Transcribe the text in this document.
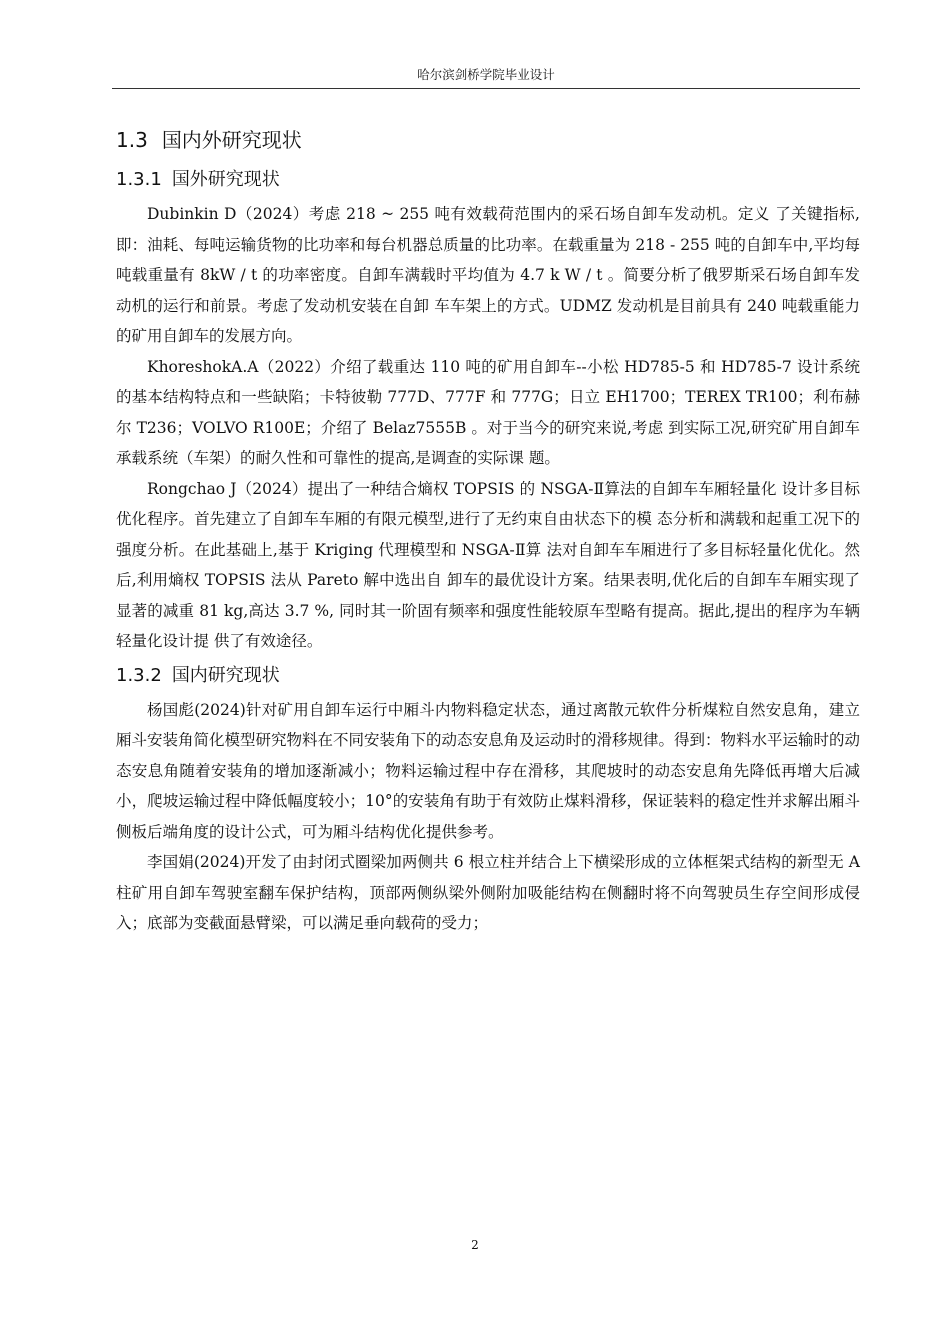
哈尔滨剑桥学院毕业设计
1.3 国内外研究现状
1.3.1 国外研究现状

Dubinkin D（2024）考虑 218 ~ 255 吨有效载荷范围内的采石场自卸车发动机。定义 了关键指标, 即：油耗、每吨运输货物的比功率和每台机器总质量的比功率。在载重量为 218 - 255 吨的自卸车中,平均每吨载重量有 8kW / t 的功率密度。自卸车满载时平均值为 4.7 k W / t 。简要分析了俄罗斯采石场自卸车发动机的运行和前景。考虑了发动机安装在自卸 车车架上的方式。UDMZ 发动机是目前具有 240 吨载重能力的矿用自卸车的发展方向。

KhoreshokA.A（2022）介绍了载重达 110 吨的矿用自卸车--小松 HD785-5 和 HD785-7 设计系统的基本结构特点和一些缺陷；卡特彼勒 777D、777F 和 777G；日立 EH1700；TEREX TR100；利布赫尔 T236；VOLVO R100E；介绍了 Belaz7555B 。对于当今的研究来说,考虑 到实际工况,研究矿用自卸车承载系统（车架）的耐久性和可靠性的提高,是调查的实际课 题。

Rongchao J（2024）提出了一种结合熵权 TOPSIS 的 NSGA-Ⅱ算法的自卸车车厢轻量化 设计多目标优化程序。首先建立了自卸车车厢的有限元模型,进行了无约束自由状态下的模 态分析和满载和起重工况下的强度分析。在此基础上,基于 Kriging 代理模型和 NSGA-Ⅱ算 法对自卸车车厢进行了多目标轻量化优化。然后,利用熵权 TOPSIS 法从 Pareto 解中选出自 卸车的最优设计方案。结果表明,优化后的自卸车车厢实现了显著的减重 81 kg,高达 3.7 %, 同时其一阶固有频率和强度性能较原车型略有提高。据此,提出的程序为车辆轻量化设计提 供了有效途径。

1.3.2 国内研究现状

杨国彪(2024)针对矿用自卸车运行中厢斗内物料稳定状态，通过离散元软件分析煤粒自然安息角，建立厢斗安装角简化模型研究物料在不同安装角下的动态安息角及运动时的滑移规律。得到：物料水平运输时的动态安息角随着安装角的增加逐渐减小；物料运输过程中存在滑移，其爬坡时的动态安息角先降低再增大后减小，爬坡运输过程中降低幅度较小；10°的安装角有助于有效防止煤料滑移，保证装料的稳定性并求解出厢斗侧板后端角度的设计公式，可为厢斗结构优化提供参考。

李国娟(2024)开发了由封闭式圈梁加两侧共 6 根立柱并结合上下横梁形成的立体框架式结构的新型无 A 柱矿用自卸车驾驶室翻车保护结构，顶部两侧纵梁外侧附加吸能结构在侧翻时将不向驾驶员生存空间形成侵入；底部为变截面悬臂梁，可以满足垂向载荷的受力；

2
